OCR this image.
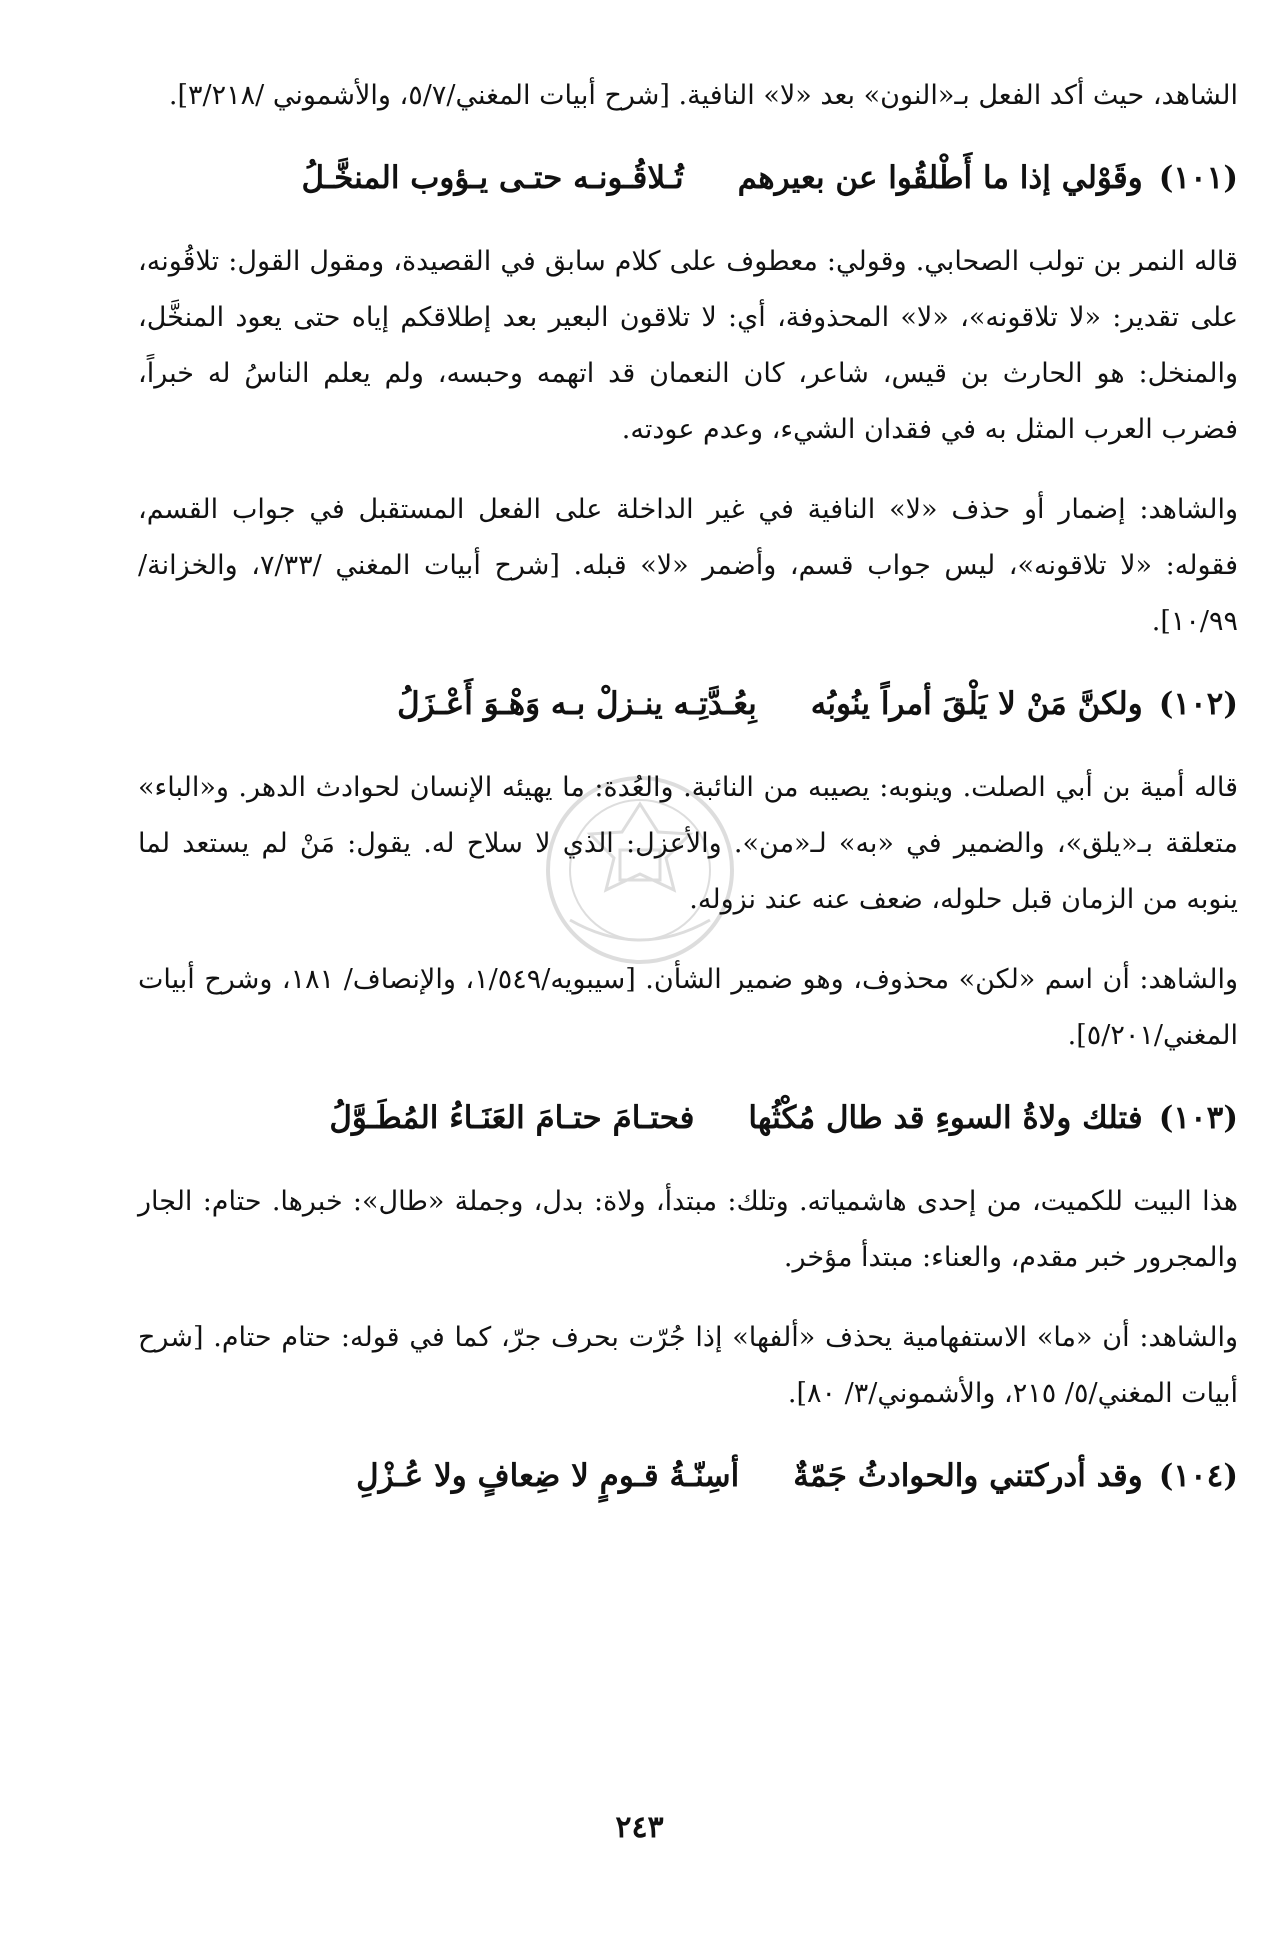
الشاهد، حيث أكد الفعل بـ«النون» بعد «لا» النافية. [شرح أبيات المغني/٥/٧، والأشموني /٣/٢١٨].

(١٠١)
وقَوْلي إذا ما أَطْلقُوا عن بعيرهم
تُـلاقُـونـه حتـى يـؤوب المنخَّـلُ

قاله النمر بن تولب الصحابي. وقولي: معطوف على كلام سابق في القصيدة، ومقول القول: تلاقُونه، على تقدير: «لا تلاقونه»، «لا» المحذوفة، أي: لا تلاقون البعير بعد إطلاقكم إياه حتى يعود المنخَّل، والمنخل: هو الحارث بن قيس، شاعر، كان النعمان قد اتهمه وحبسه، ولم يعلم الناسُ له خبراً، فضرب العرب المثل به في فقدان الشيء، وعدم عودته.

والشاهد: إضمار أو حذف «لا» النافية في غير الداخلة على الفعل المستقبل في جواب القسم، فقوله: «لا تلاقونه»، ليس جواب قسم، وأضمر «لا» قبله. [شرح أبيات المغني /٧/٣٣، والخزانة/١٠/٩٩].

(١٠٢)
ولكنَّ مَنْ لا يَلْقَ أمراً ينُوبُه
بِعُـدَّتِـه ينـزلْ بـه وَهْـوَ أَعْـزَلُ

قاله أمية بن أبي الصلت. وينوبه: يصيبه من النائبة. والعُدة: ما يهيئه الإنسان لحوادث الدهر. و«الباء» متعلقة بـ«يلق»، والضمير في «به» لـ«من». والأعزل: الذي لا سلاح له. يقول: مَنْ لم يستعد لما ينوبه من الزمان قبل حلوله، ضعف عنه عند نزوله.

والشاهد: أن اسم «لكن» محذوف، وهو ضمير الشأن. [سيبويه/١/٥٤٩، والإنصاف/ ١٨١، وشرح أبيات المغني/٥/٢٠١].

(١٠٣)
فتلك ولاةُ السوءِ قد طال مُكْثُها
فحتـامَ حتـامَ العَنَـاءُ المُطَـوَّلُ

هذا البيت للكميت، من إحدى هاشمياته. وتلك: مبتدأ، ولاة: بدل، وجملة «طال»: خبرها. حتام: الجار والمجرور خبر مقدم، والعناء: مبتدأ مؤخر.

والشاهد: أن «ما» الاستفهامية يحذف «ألفها» إذا جُرّت بحرف جرّ، كما في قوله: حتام حتام. [شرح أبيات المغني/٥/ ٢١٥، والأشموني/٣/ ٨٠].

(١٠٤)
وقد أدركتني والحوادثُ جَمّةٌ
أسِنّـةُ قـومٍ لا ضِعافٍ ولا عُـزْلِ
٢٤٣
